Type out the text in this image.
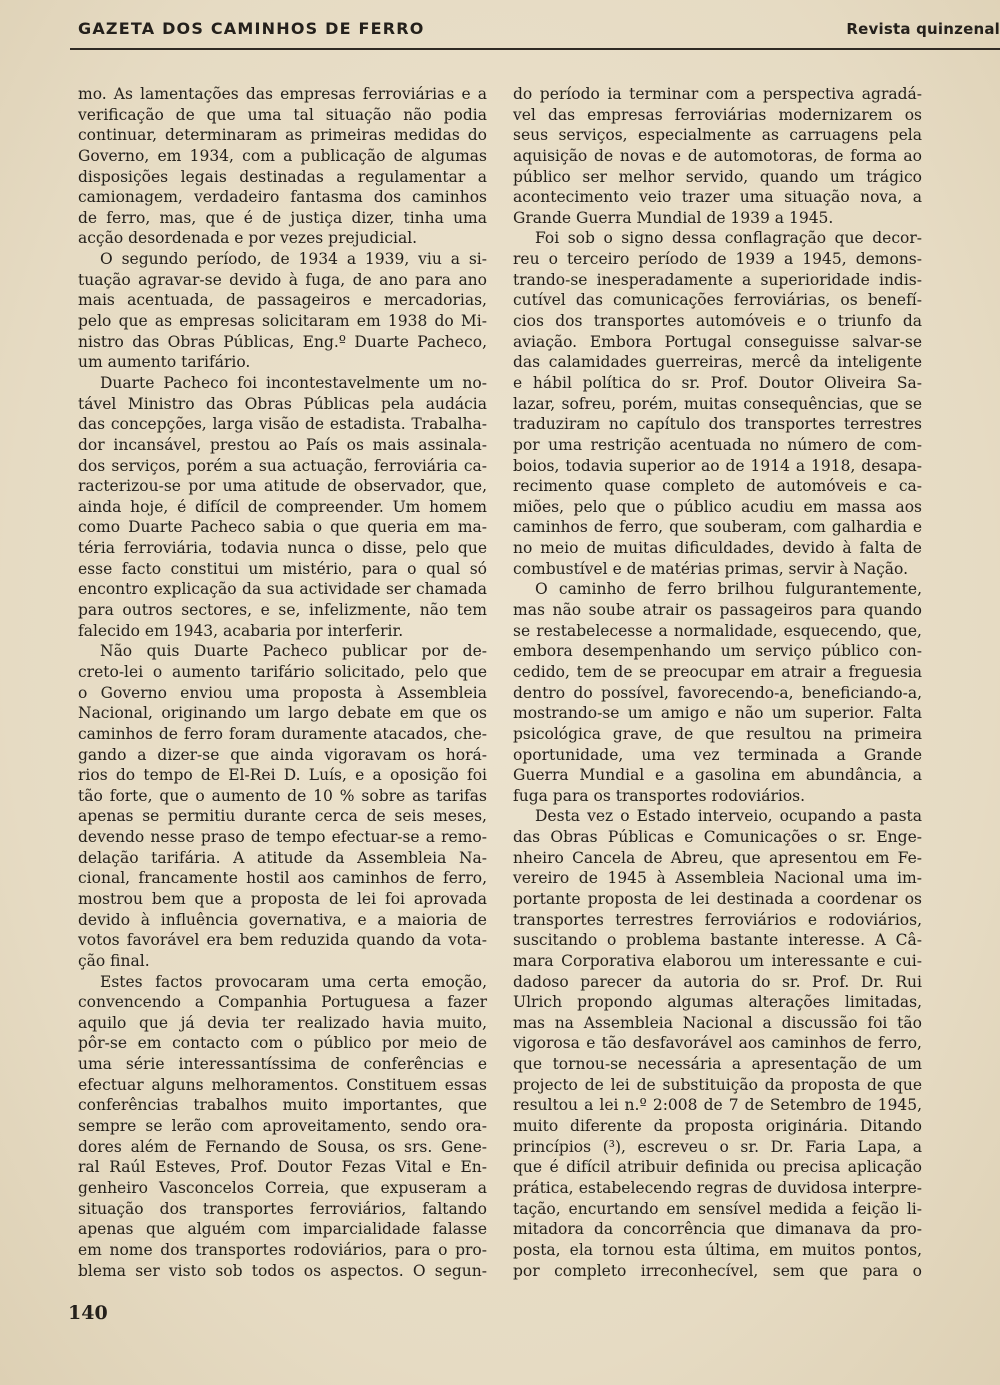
GAZETA DOS CAMINHOS DE FERRO	Revista quinzenal
mo. As lamentações das empresas ferroviárias e a
verificação de que uma tal situação não podia
continuar, determinaram as primeiras medidas do
Governo, em 1934, com a publicação de algumas
disposições legais destinadas a regulamentar a
camionagem, verdadeiro fantasma dos caminhos
de ferro, mas, que é de justiça dizer, tinha uma
acção desordenada e por vezes prejudicial.
O segundo período, de 1934 a 1939, viu a si-
tuação agravar-se devido à fuga, de ano para ano
mais acentuada, de passageiros e mercadorias,
pelo que as empresas solicitaram em 1938 do Mi-
nistro das Obras Públicas, Eng.º Duarte Pacheco,
um aumento tarifário.
Duarte Pacheco foi incontestavelmente um no-
tável Ministro das Obras Públicas pela audácia
das concepções, larga visão de estadista. Trabalha-
dor incansável, prestou ao País os mais assinala-
dos serviços, porém a sua actuação, ferroviária ca-
racterizou-se por uma atitude de observador, que,
ainda hoje, é difícil de compreender. Um homem
como Duarte Pacheco sabia o que queria em ma-
téria ferroviária, todavia nunca o disse, pelo que
esse facto constitui um mistério, para o qual só
encontro explicação da sua actividade ser chamada
para outros sectores, e se, infelizmente, não tem
falecido em 1943, acabaria por interferir.
Não quis Duarte Pacheco publicar por de-
creto-lei o aumento tarifário solicitado, pelo que
o Governo enviou uma proposta à Assembleia
Nacional, originando um largo debate em que os
caminhos de ferro foram duramente atacados, che-
gando a dizer-se que ainda vigoravam os horá-
rios do tempo de El-Rei D. Luís, e a oposição foi
tão forte, que o aumento de 10 % sobre as tarifas
apenas se permitiu durante cerca de seis meses,
devendo nesse praso de tempo efectuar-se a remo-
delação tarifária. A atitude da Assembleia Na-
cional, francamente hostil aos caminhos de ferro,
mostrou bem que a proposta de lei foi aprovada
devido à influência governativa, e a maioria de
votos favorável era bem reduzida quando da vota-
ção final.
Estes factos provocaram uma certa emoção,
convencendo a Companhia Portuguesa a fazer
aquilo que já devia ter realizado havia muito,
pôr-se em contacto com o público por meio de
uma série interessantíssima de conferências e
efectuar alguns melhoramentos. Constituem essas
conferências trabalhos muito importantes, que
sempre se lerão com aproveitamento, sendo ora-
dores além de Fernando de Sousa, os srs. Gene-
ral Raúl Esteves, Prof. Doutor Fezas Vital e En-
genheiro Vasconcelos Correia, que expuseram a
situação dos transportes ferroviários, faltando
apenas que alguém com imparcialidade falasse
em nome dos transportes rodoviários, para o pro-
blema ser visto sob todos os aspectos. O segun-
do período ia terminar com a perspectiva agradá-
vel das empresas ferroviárias modernizarem os
seus serviços, especialmente as carruagens pela
aquisição de novas e de automotoras, de forma ao
público ser melhor servido, quando um trágico
acontecimento veio trazer uma situação nova, a
Grande Guerra Mundial de 1939 a 1945.
Foi sob o signo dessa conflagração que decor-
reu o terceiro período de 1939 a 1945, demons-
trando-se inesperadamente a superioridade indis-
cutível das comunicações ferroviárias, os benefí-
cios dos transportes automóveis e o triunfo da
aviação. Embora Portugal conseguisse salvar-se
das calamidades guerreiras, mercê da inteligente
e hábil política do sr. Prof. Doutor Oliveira Sa-
lazar, sofreu, porém, muitas consequências, que se
traduziram no capítulo dos transportes terrestres
por uma restrição acentuada no número de com-
boios, todavia superior ao de 1914 a 1918, desapa-
recimento quase completo de automóveis e ca-
miões, pelo que o público acudiu em massa aos
caminhos de ferro, que souberam, com galhardia e
no meio de muitas dificuldades, devido à falta de
combustível e de matérias primas, servir à Nação.
O caminho de ferro brilhou fulgurantemente,
mas não soube atrair os passageiros para quando
se restabelecesse a normalidade, esquecendo, que,
embora desempenhando um serviço público con-
cedido, tem de se preocupar em atrair a freguesia
dentro do possível, favorecendo-a, beneficiando-a,
mostrando-se um amigo e não um superior. Falta
psicológica grave, de que resultou na primeira
oportunidade, uma vez terminada a Grande
Guerra Mundial e a gasolina em abundância, a
fuga para os transportes rodoviários.
Desta vez o Estado interveio, ocupando a pasta
das Obras Públicas e Comunicações o sr. Enge-
nheiro Cancela de Abreu, que apresentou em Fe-
vereiro de 1945 à Assembleia Nacional uma im-
portante proposta de lei destinada a coordenar os
transportes terrestres ferroviários e rodoviários,
suscitando o problema bastante interesse. A Câ-
mara Corporativa elaborou um interessante e cui-
dadoso parecer da autoria do sr. Prof. Dr. Rui
Ulrich propondo algumas alterações limitadas,
mas na Assembleia Nacional a discussão foi tão
vigorosa e tão desfavorável aos caminhos de ferro,
que tornou-se necessária a apresentação de um
projecto de lei de substituição da proposta de que
resultou a lei n.º 2:008 de 7 de Setembro de 1945,
muito diferente da proposta originária. Ditando
princípios (³), escreveu o sr. Dr. Faria Lapa, a
que é difícil atribuir definida ou precisa aplicação
prática, estabelecendo regras de duvidosa interpre-
tação, encurtando em sensível medida a feição li-
mitadora da concorrência que dimanava da pro-
posta, ela tornou esta última, em muitos pontos,
por completo irreconhecível, sem que para o
140
